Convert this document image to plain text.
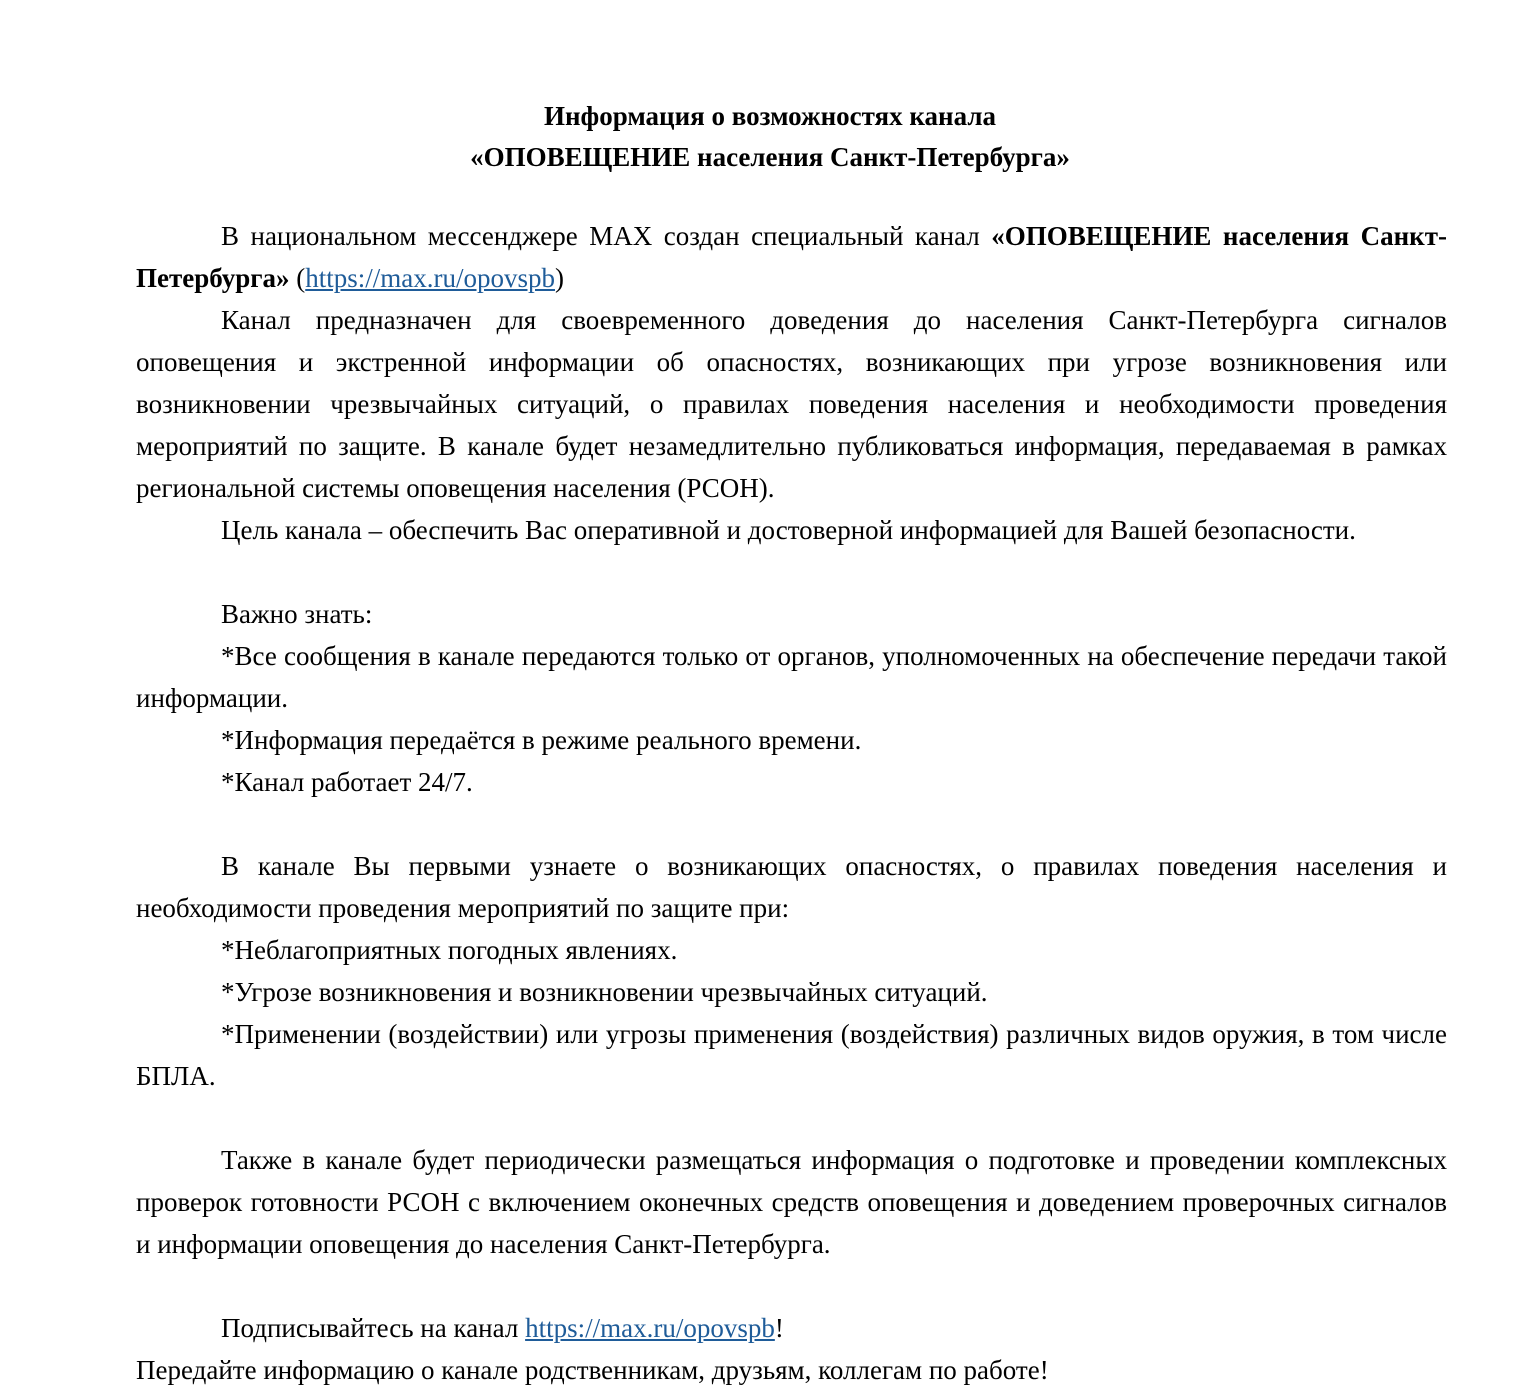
Информация о возможностях канала
«ОПОВЕЩЕНИЕ населения Санкт-Петербурга»

В национальном мессенджере MAX создан специальный канал «ОПОВЕЩЕНИЕ населения Санкт-Петербурга» (https://max.ru/opovspb)

Канал предназначен для своевременного доведения до населения Санкт-Петербурга сигналов оповещения и экстренной информации об опасностях, возникающих при угрозе возникновения или возникновении чрезвычайных ситуаций, о правилах поведения населения и необходимости проведения мероприятий по защите. В канале будет незамедлительно публиковаться информация, передаваемая в рамках региональной системы оповещения населения (РСОН).

Цель канала – обеспечить Вас оперативной и достоверной информацией для Вашей безопасности.

Важно знать:

*Все сообщения в канале передаются только от органов, уполномоченных на обеспечение передачи такой информации.

*Информация передаётся в режиме реального времени.

*Канал работает 24/7.

В канале Вы первыми узнаете о возникающих опасностях, о правилах поведения населения и необходимости проведения мероприятий по защите при:

*Неблагоприятных погодных явлениях.

*Угрозе возникновения и возникновении чрезвычайных ситуаций.

*Применении (воздействии) или угрозы применения (воздействия) различных видов оружия, в том числе БПЛА.

Также в канале будет периодически размещаться информация о подготовке и проведении комплексных проверок готовности РСОН с включением оконечных средств оповещения и доведением проверочных сигналов и информации оповещения до населения Санкт-Петербурга.

Подписывайтесь на канал https://max.ru/opovspb!

Передайте информацию о канале родственникам, друзьям, коллегам по работе!
